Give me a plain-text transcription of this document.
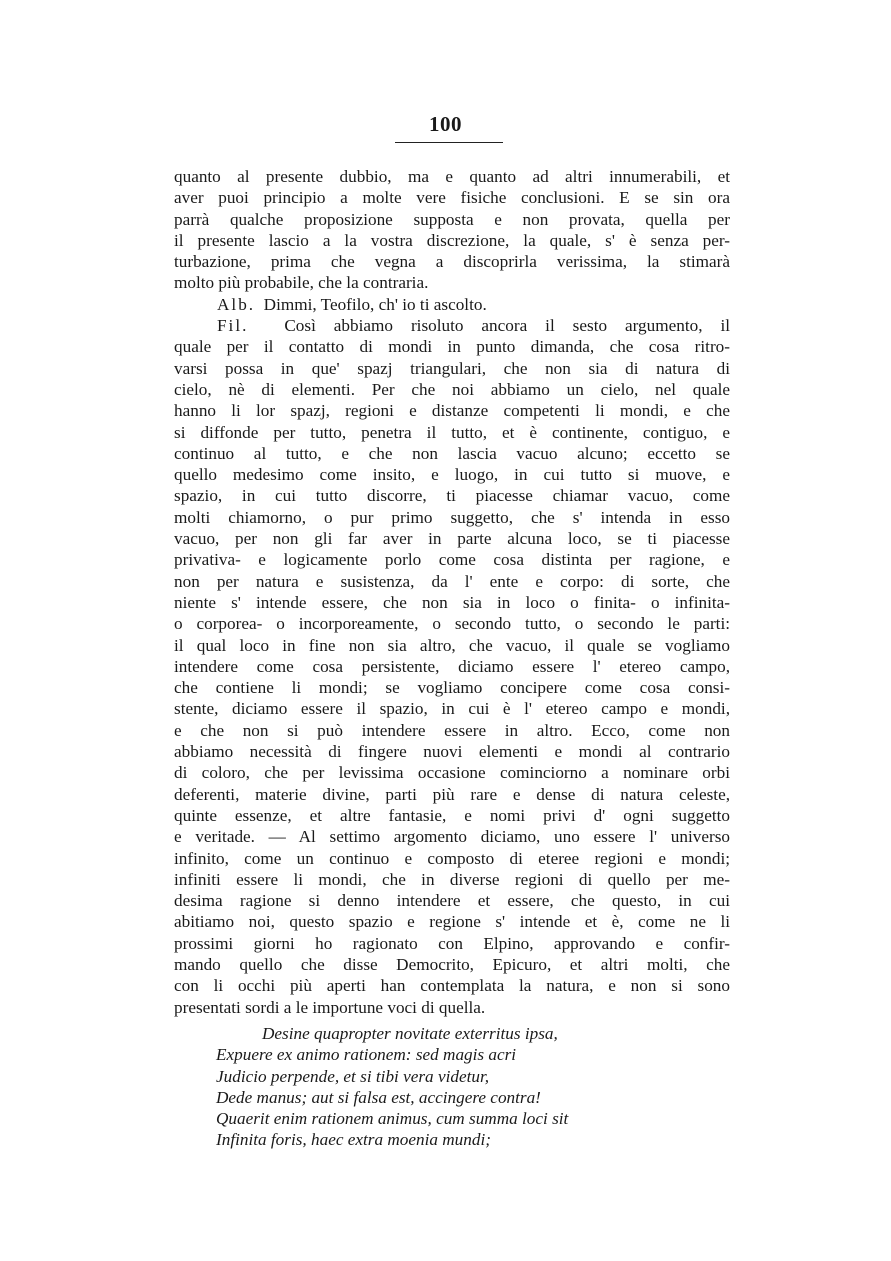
100
quanto al presente dubbio, ma e quanto ad altri innumerabili, et
aver puoi principio a molte vere fisiche conclusioni. E se sin ora
parrà qualche proposizione supposta e non provata, quella per
il presente lascio a la vostra discrezione, la quale, s' è senza per-
turbazione, prima che vegna a discoprirla verissima, la stimarà
molto più probabile, che la contraria.
Alb. Dimmi, Teofilo, ch' io ti ascolto.
Fil. Così abbiamo risoluto ancora il sesto argumento, il
quale per il contatto di mondi in punto dimanda, che cosa ritro-
varsi possa in que' spazj triangulari, che non sia di natura di
cielo, nè di elementi. Per che noi abbiamo un cielo, nel quale
hanno li lor spazj, regioni e distanze competenti li mondi, e che
si diffonde per tutto, penetra il tutto, et è continente, contiguo, e
continuo al tutto, e che non lascia vacuo alcuno; eccetto se
quello medesimo come insito, e luogo, in cui tutto si muove, e
spazio, in cui tutto discorre, ti piacesse chiamar vacuo, come
molti chiamorno, o pur primo suggetto, che s' intenda in esso
vacuo, per non gli far aver in parte alcuna loco, se ti piacesse
privativa- e logicamente porlo come cosa distinta per ragione, e
non per natura e susistenza, da l' ente e corpo: di sorte, che
niente s' intende essere, che non sia in loco o finita- o infinita-
o corporea- o incorporeamente, o secondo tutto, o secondo le parti:
il qual loco in fine non sia altro, che vacuo, il quale se vogliamo
intendere come cosa persistente, diciamo essere l' etereo campo,
che contiene li mondi; se vogliamo concipere come cosa consi-
stente, diciamo essere il spazio, in cui è l' etereo campo e mondi,
e che non si può intendere essere in altro. Ecco, come non
abbiamo necessità di fingere nuovi elementi e mondi al contrario
di coloro, che per levissima occasione cominciorno a nominare orbi
deferenti, materie divine, parti più rare e dense di natura celeste,
quinte essenze, et altre fantasie, e nomi privi d' ogni suggetto
e veritade. — Al settimo argomento diciamo, uno essere l' universo
infinito, come un continuo e composto di eteree regioni e mondi;
infiniti essere li mondi, che in diverse regioni di quello per me-
desima ragione si denno intendere et essere, che questo, in cui
abitiamo noi, questo spazio e regione s' intende et è, come ne li
prossimi giorni ho ragionato con Elpino, approvando e confir-
mando quello che disse Democrito, Epicuro, et altri molti, che
con li occhi più aperti han contemplata la natura, e non si sono
presentati sordi a le importune voci di quella.
Desine quapropter novitate exterritus ipsa,
Expuere ex animo rationem: sed magis acri
Judicio perpende, et si tibi vera videtur,
Dede manus; aut si falsa est, accingere contra!
Quaerit enim rationem animus, cum summa loci sit
Infinita foris, haec extra moenia mundi;
